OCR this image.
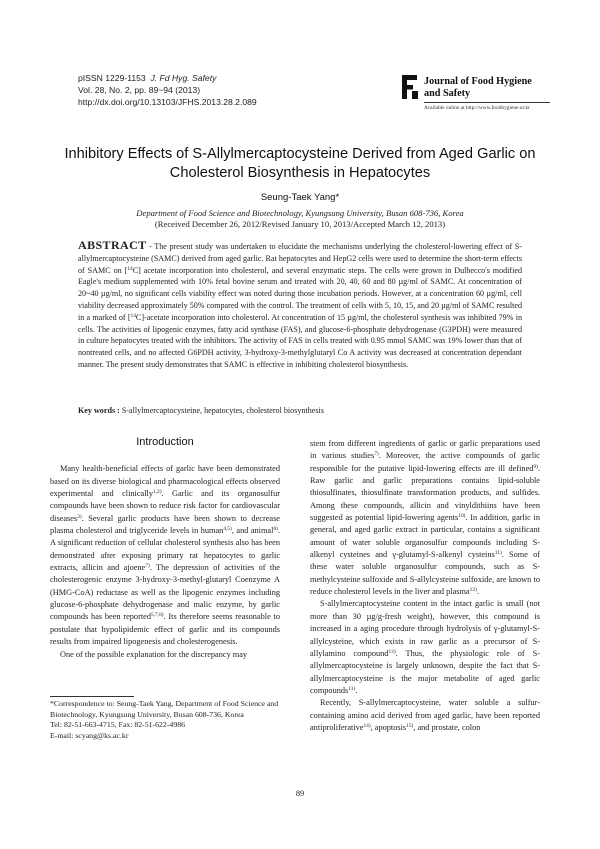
pISSN 1229-1153 J. Fd Hyg. Safety
Vol. 28, No. 2, pp. 89~94 (2013)
http://dx.doi.org/10.13103/JFHS.2013.28.2.089
Journal of Food Hygiene
and Safety
Available online at http://www.foodhygiene.or.kr
Inhibitory Effects of S-Allylmercaptocysteine Derived from Aged Garlic on
Cholesterol Biosynthesis in Hepatocytes
Seung-Taek Yang*
Department of Food Science and Biotechnology, Kyungsung University, Busan 608-736, Korea
(Received December 26, 2012/Revised January 10, 2013/Accepted March 12, 2013)
ABSTRACT - The present study was undertaken to elucidate the mechanisms underlying the cholesterol-lowering effect of S-allylmercaptocysteine (SAMC) derived from aged garlic. Rat hepatocytes and HepG2 cells were used to determine the short-term effects of SAMC on [$^{14}$C] acetate incorporation into cholesterol, and several enzymatic steps. The cells were grown in Dulbecco's modified Eagle's medium supplemented with 10% fetal bovine serum and treated with 20, 40, 60 and 80 µg/ml of SAMC. At concentration of 20~40 µg/ml, no significant cells viability effect was noted during those incubation periods. However, at a concentration 60 µg/ml, cell viability decreased approximately 50% compared with the control. The treatment of cells with 5, 10, 15, and 20 µg/ml of SAMC resulted in a marked of [$^{14}$C]-acetate incorporation into cholesterol. At concentration of 15 µg/ml, the cholesterol synthesis was inhibited 79% in cells. The activities of lipogenic enzymes, fatty acid synthase (FAS), and glucose-6-phosphate dehydrogenase (G3PDH) were measured in culture hepatocytes treated with the inhibitors. The activity of FAS in cells treated with 0.95 mmol SAMC was 19% lower than that of nontreated cells, and no affected G6PDH activity, 3-hydroxy-3-methylglutaryl Co A activity was decreased at concentration dependant manner. The present study demonstrates that SAMC is effective in inhibiting cholesterol biosynthesis.
Key words : S-allylmercaptocysteine, hepatocytes, cholesterol biosynthesis
Introduction

Many health-beneficial effects of garlic have been demonstrated based on its diverse biological and pharmacological effects observed experimental and clinically$^{1,2)}$. Garlic and its organosulfur compounds have been shown to reduce risk factor for cardiovascular diseases$^{3)}$. Several garlic products have been shown to decrease plasma cholesterol and triglyceride levels in human$^{4,5)}$, and animal$^{6)}$. A significant reduction of cellular cholesterol synthesis also has been demonstrated after exposing primary rat hepatocytes to garlic extracts, allicin and ajoene$^{7)}$. The depression of activities of the cholesterogenic enzyme 3-hydroxy-3-methyl-glutaryl Coenzyme A (HMG-CoA) reductase as well as the lipogenic enzymes including glucose-6-phosphate dehydrogenase and malic enzyme, by garlic compounds has been reported$^{5,7,8)}$. Its therefore seems reasonable to postulate that hypolipidemic effect of garlic and its compounds results from impaired lipogenesis and cholesterogenesis.

One of the possible explanation for the discrepancy may

stem from different ingredients of garlic or garlic preparations used in various studies$^{7)}$. Moreover, the active compounds of garlic responsible for the putative lipid-lowering effects are ill defined$^{9)}$. Raw garlic and garlic preparations contains lipid-soluble thiosulfinates, thiosulfinate transformation products, and sulfides. Among these compounds, allicin and vinyldithiins have been suggested as potential lipid-lowering agents$^{10)}$. In addition, garlic in general, and aged garlic extract in particular, contains a significant amount of water soluble organosulfur compounds including S-alkenyl cysteines and γ-glutamyl-S-alkenyl cysteins$^{11)}$. Some of these water soluble organosulfur compounds, such as S-methylcysteine sulfoxide and S-allylcysteine sulfoxide, are known to reduce cholesterol levels in the liver and plasma$^{12)}$.

S-allylmercaptocysteine content in the intact garlic is small (not more than 30 µg/g-fresh weight), however, this compound is increased in a aging procedure through hydrolysis of γ-glutamyl-S-allylcysteine, which exists in raw garlic as a precursor of S-allylamino compound$^{13)}$. Thus, the physiologic role of S-allylmercaptocysteine is largely unknown, despite the fact that S-allylmercaptocysteine is the major metabolite of aged garlic compounds$^{11)}$.

Recently, S-allylmercaptocysteine, water soluble a sulfur-containing amino acid derived from aged garlic, have been reported antiproliferative$^{14)}$, apoptosis$^{15)}$, and prostate, colon

*Correspondence to: Seung-Taek Yang, Department of Food Science and Biotechnology, Kyungsung University, Busan 608-736, Korea
Tel: 82-51-663-4715, Fax: 82-51-622-4986
E-mail: scyang@ks.ac.kr
89
